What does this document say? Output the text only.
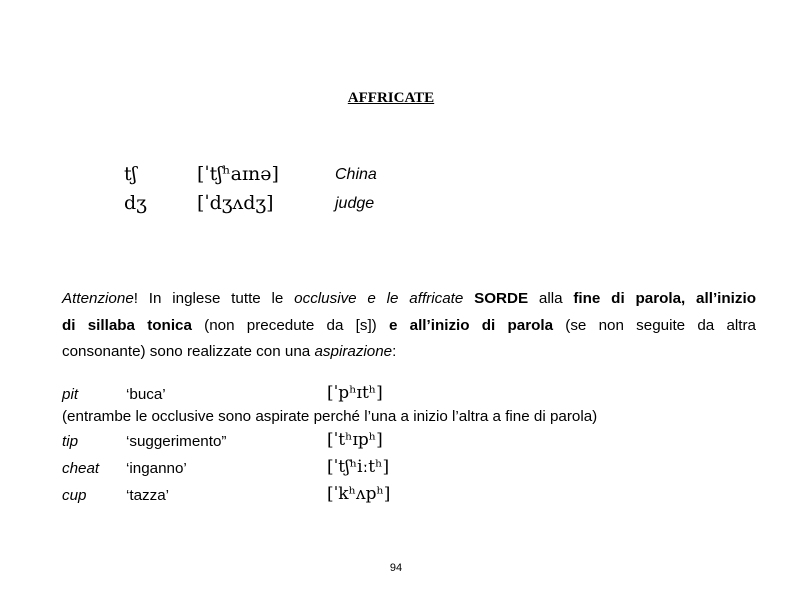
AFFRICATE
tʃ	[ˈtʃʰaɪnə]	China
dʒ	[ˈdʒʌdʒ]	judge
Attenzione! In inglese tutte le occlusive e le affricate SORDE alla fine di parola, all’inizio
di sillaba tonica (non precedute da [s]) e all’inizio di parola (se non seguite da altra
consonante) sono realizzate con una aspirazione:
pit	‘buca’	[ˈpʰɪtʰ]
(entrambe le occlusive sono aspirate perché l’una a inizio l’altra a fine di parola)
tip	‘suggerimento”	[ˈtʰɪpʰ]
cheat ‘inganno’	[ˈtʃʰiːtʰ]
cup	‘tazza’	[ˈkʰʌpʰ]
94
